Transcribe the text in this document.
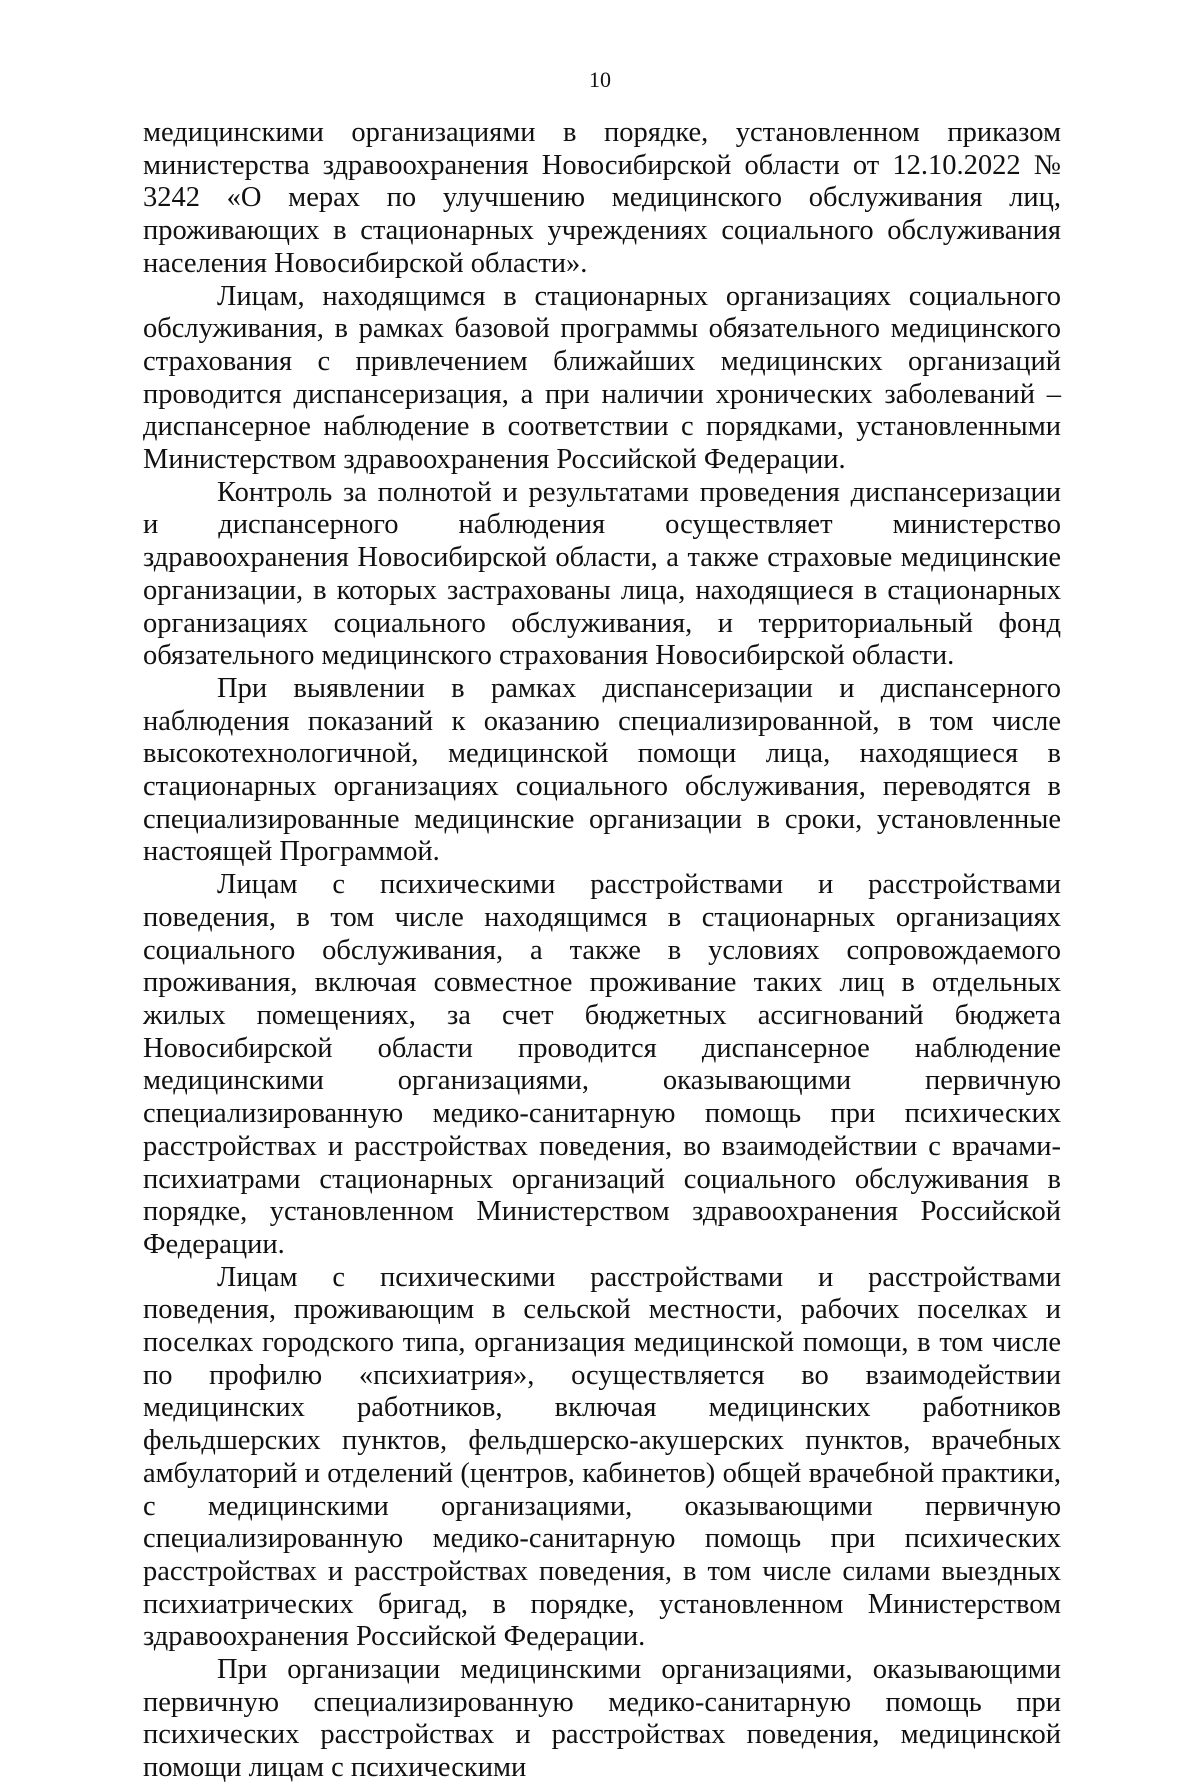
10

медицинскими организациями в порядке, установленном приказом министерства здравоохранения Новосибирской области от 12.10.2022 № 3242 «О мерах по улучшению медицинского обслуживания лиц, проживающих в стационарных учреждениях социального обслуживания населения Новосибирской области».

Лицам, находящимся в стационарных организациях социального обслуживания, в рамках базовой программы обязательного медицинского страхования с привлечением ближайших медицинских организаций проводится диспансеризация, а при наличии хронических заболеваний – диспансерное наблюдение в соответствии с порядками, установленными Министерством здравоохранения Российской Федерации.

Контроль за полнотой и результатами проведения диспансеризации и диспансерного наблюдения осуществляет министерство здравоохранения Новосибирской области, а также страховые медицинские организации, в которых застрахованы лица, находящиеся в стационарных организациях социального обслуживания, и территориальный фонд обязательного медицинского страхования Новосибирской области.

При выявлении в рамках диспансеризации и диспансерного наблюдения показаний к оказанию специализированной, в том числе высокотехнологичной, медицинской помощи лица, находящиеся в стационарных организациях социального обслуживания, переводятся в специализированные медицинские организации в сроки, установленные настоящей Программой.

Лицам с психическими расстройствами и расстройствами поведения, в том числе находящимся в стационарных организациях социального обслуживания, а также в условиях сопровождаемого проживания, включая совместное проживание таких лиц в отдельных жилых помещениях, за счет бюджетных ассигнований бюджета Новосибирской области проводится диспансерное наблюдение медицинскими организациями, оказывающими первичную специализированную медико-санитарную помощь при психических расстройствах и расстройствах поведения, во взаимодействии с врачами-психиатрами стационарных организаций социального обслуживания в порядке, установленном Министерством здравоохранения Российской Федерации.

Лицам с психическими расстройствами и расстройствами поведения, проживающим в сельской местности, рабочих поселках и поселках городского типа, организация медицинской помощи, в том числе по профилю «психиатрия», осуществляется во взаимодействии медицинских работников, включая медицинских работников фельдшерских пунктов, фельдшерско-акушерских пунктов, врачебных амбулаторий и отделений (центров, кабинетов) общей врачебной практики, с медицинскими организациями, оказывающими первичную специализированную медико-санитарную помощь при психических расстройствах и расстройствах поведения, в том числе силами выездных психиатрических бригад, в порядке, установленном Министерством здравоохранения Российской Федерации.

При организации медицинскими организациями, оказывающими первичную специализированную медико-санитарную помощь при психических расстройствах и расстройствах поведения, медицинской помощи лицам с психическими
